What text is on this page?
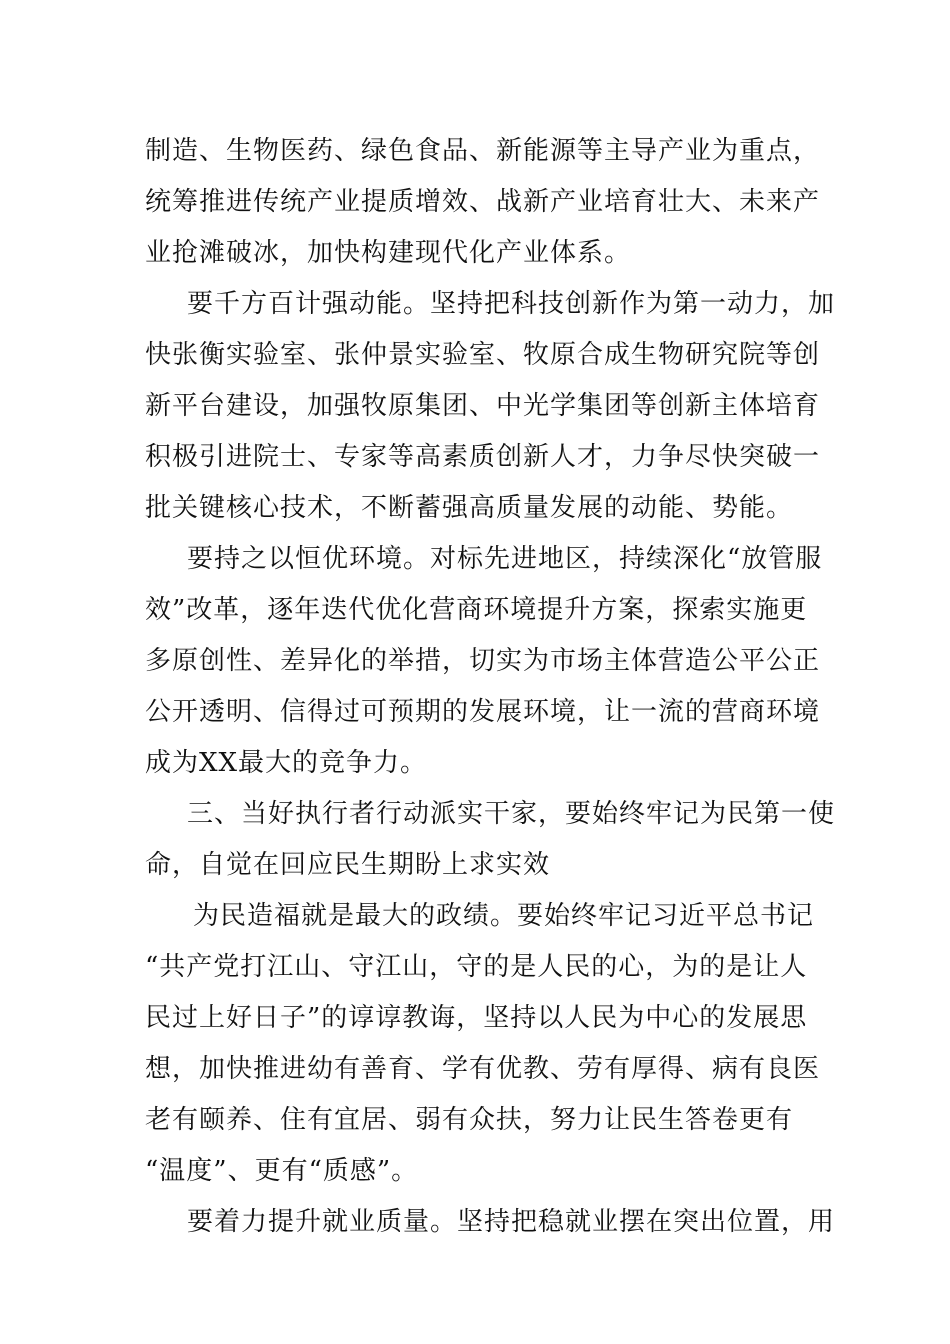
制造、生物医药、绿色食品、新能源等主导产业为重点，
统筹推进传统产业提质增效、战新产业培育壮大、未来产
业抢滩破冰，加快构建现代化产业体系。
要千方百计强动能。坚持把科技创新作为第一动力，加
快张衡实验室、张仲景实验室、牧原合成生物研究院等创
新平台建设，加强牧原集团、中光学集团等创新主体培育
积极引进院士、专家等高素质创新人才，力争尽快突破一
批关键核心技术，不断蓄强高质量发展的动能、势能。
要持之以恒优环境。对标先进地区，持续深化“放管服
效”改革，逐年迭代优化营商环境提升方案，探索实施更
多原创性、差异化的举措，切实为市场主体营造公平公正
公开透明、信得过可预期的发展环境，让一流的营商环境
成为XX最大的竞争力。
三、当好执行者行动派实干家，要始终牢记为民第一使
命，自觉在回应民生期盼上求实效
为民造福就是最大的政绩。要始终牢记习近平总书记
“共产党打江山、守江山，守的是人民的心，为的是让人
民过上好日子”的谆谆教诲，坚持以人民为中心的发展思
想，加快推进幼有善育、学有优教、劳有厚得、病有良医
老有颐养、住有宜居、弱有众扶，努力让民生答卷更有
“温度”、更有“质感”。
要着力提升就业质量。坚持把稳就业摆在突出位置，用
